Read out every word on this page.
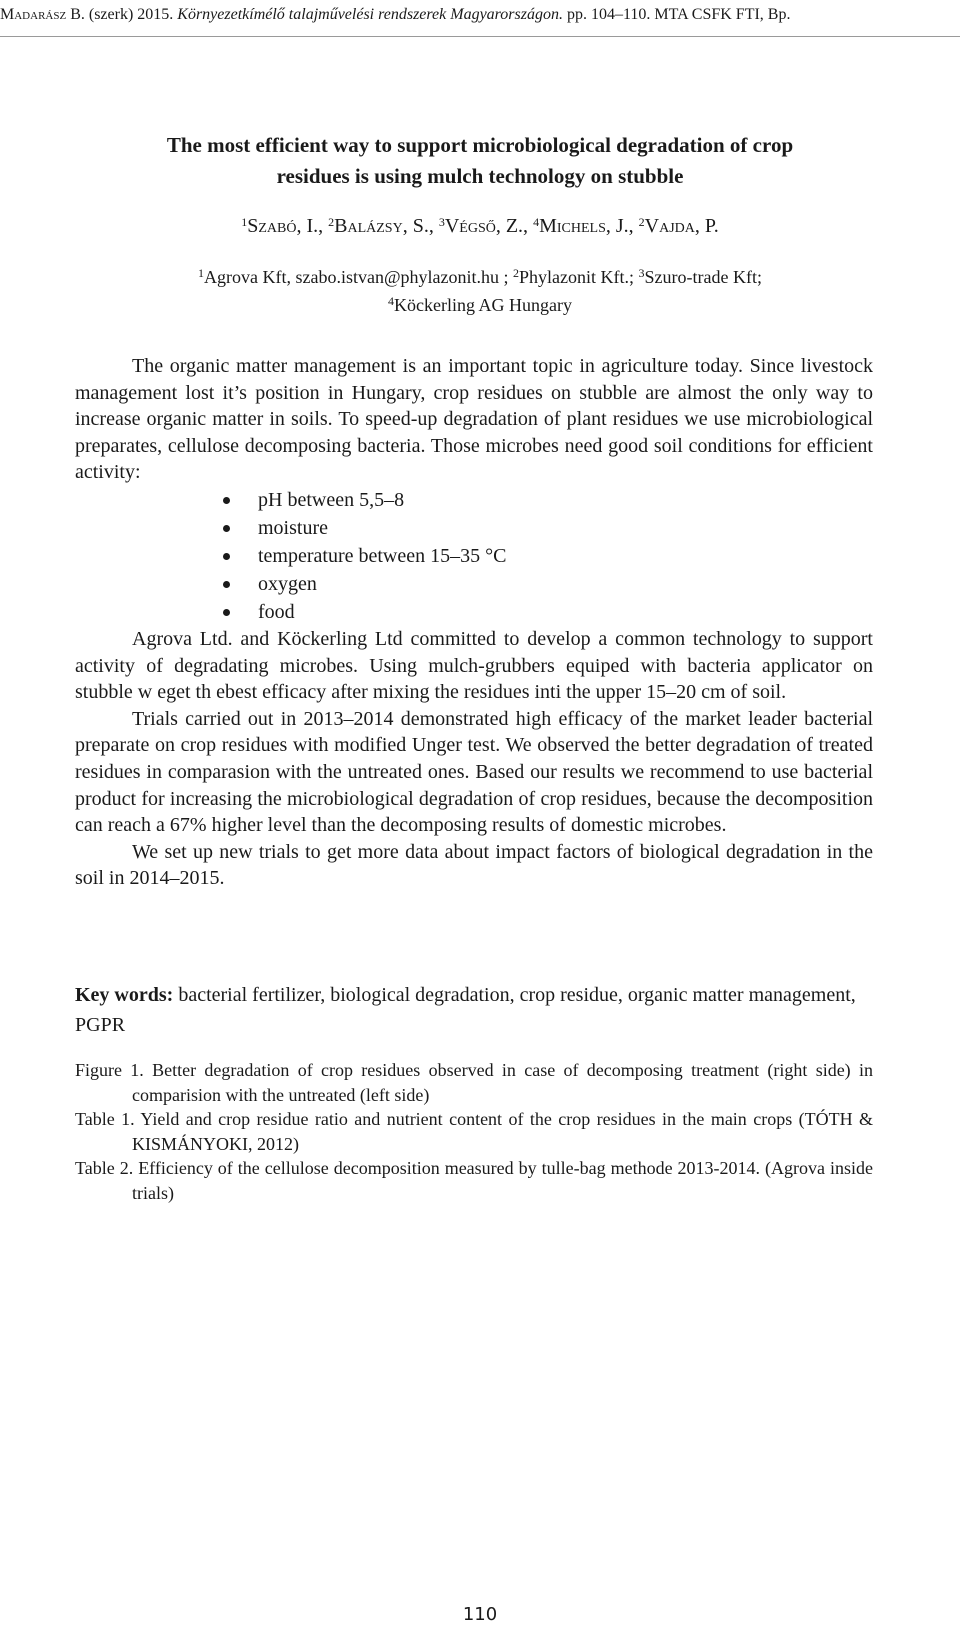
Madarász B. (szerk) 2015. Környezetkímélő talajművelési rendszerek Magyarországon. pp. 104–110. MTA CSFK FTI, Bp.
The most efficient way to support microbiological degradation of crop
residues is using mulch technology on stubble
$^1$Szabó, I., $^2$Balázsy, S., $^3$Végső, Z., $^4$Michels, J., $^2$Vajda, P.
$^1$Agrova Kft, szabo.istvan@phylazonit.hu ; $^2$Phylazonit Kft.; $^3$Szuro-trade Kft;
$^4$Köckerling AG Hungary

The organic matter management is an important topic in agriculture today. Since livestock management lost it’s position in Hungary, crop residues on stubble are almost the only way to increase organic matter in soils. To speed-up degradation of plant residues we use microbiological preparates, cellulose decomposing bacteria. Those microbes need good soil conditions for efficient activity:

pH between 5,5–8
moisture
temperature between 15–35 °C
oxygen
food

Agrova Ltd. and Köckerling Ltd committed to develop a common technology to support activity of degradating microbes. Using mulch-grubbers equiped with bacteria applicator on stubble w eget th ebest efficacy after mixing the residues inti the upper 15–20 cm of soil.

Trials carried out in 2013–2014 demonstrated high efficacy of the market leader bacterial preparate on crop residues with modified Unger test. We observed the better degradation of treated residues in comparasion with the untreated ones. Based our results we recommend to use bacterial product for increasing the microbiological degradation of crop residues, because the decomposition can reach a 67% higher level than the decomposing results of domestic microbes.

We set up new trials to get more data about impact factors of biological degradation in the soil in 2014–2015.

Key words: bacterial fertilizer, biological degradation, crop residue, organic matter management, PGPR

Figure 1. Better degradation of crop residues observed in case of decomposing treatment (right side) in comparision with the untreated (left side)

Table 1. Yield and crop residue ratio and nutrient content of the crop residues in the main crops (TÓTH & KISMÁNYOKI, 2012)

Table 2. Efficiency of the cellulose decomposition measured by tulle-bag methode 2013-2014. (Agrova inside trials)

110
